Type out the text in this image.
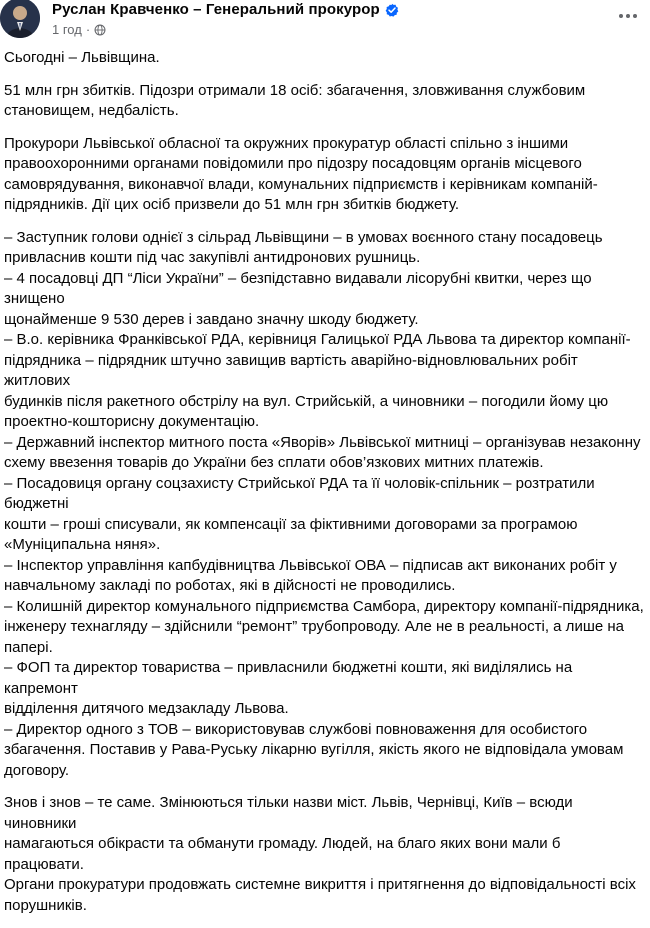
Руслан Кравченко – Генеральний прокурор
1 год ·

Сьогодні – Львівщина.

51 млн грн збитків. Підозри отримали 18 осіб: збагачення, зловживання службовим
становищем, недбалість.

Прокурори Львівської обласної та окружних прокуратур області спільно з іншими
правоохоронними органами повідомили про підозру посадовцям органів місцевого
самоврядування, виконавчої влади, комунальних підприємств і керівникам компаній-
підрядників. Дії цих осіб призвели до 51 млн грн збитків бюджету.

– Заступник голови однієї з сільрад Львівщини – в умовах воєнного стану посадовець
привласнив кошти під час закупівлі антидронових рушниць.
– 4 посадовці ДП “Ліси України” – безпідставно видавали лісорубні квитки, через що знищено
щонайменше 9 530 дерев і завдано значну шкоду бюджету.
– В.о. керівника Франківської РДА, керівниця Галицької РДА Львова та директор компанії-
підрядника – підрядник штучно завищив вартість аварійно-відновлювальних робіт житлових
будинків після ракетного обстрілу на вул. Стрийській, а чиновники – погодили йому цю
проектно-кошторисну документацію.
– Державний інспектор митного поста «Яворів» Львівської митниці – організував незаконну
схему ввезення товарів до України без сплати обов’язкових митних платежів.
– Посадовиця органу соцзахисту Стрийської РДА та її чоловік-спільник – розтратили бюджетні
кошти – гроші списували, як компенсації за фіктивними договорами за програмою
«Муніципальна няня».
– Інспектор управління капбудівництва Львівської ОВА – підписав акт виконаних робіт у
навчальному закладі по роботах, які в дійсності не проводились.
– Колишній директор комунального підприємства Самбора, директору компанії-підрядника,
інженеру технагляду – здійснили “ремонт” трубопроводу. Але не в реальності, а лише на
папері.
– ФОП та директор товариства – привласнили бюджетні кошти, які виділялись на капремонт
відділення дитячого медзакладу Львова.
– Директор одного з ТОВ – використовував службові повноваження для особистого
збагачення. Поставив у Рава-Руську лікарню вугілля, якість якого не відповідала умовам
договору.

Знов і знов – те саме. Змінюються тільки назви міст. Львів, Чернівці, Київ – всюди чиновники
намагаються обікрасти та обманути громаду. Людей, на благо яких вони мали б працювати.
Органи прокуратури продовжать системне викриття і притягнення до відповідальності всіх
порушників.
